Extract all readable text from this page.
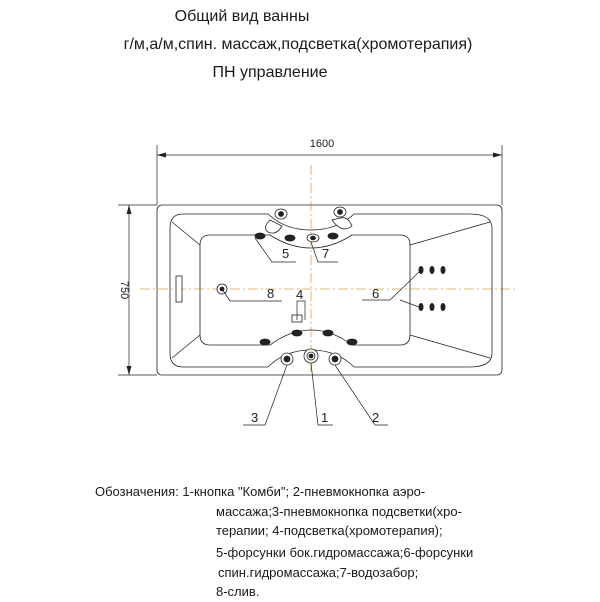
Общий вид ванны
г/м,а/м,спин. массаж,подсветка(хромотерапия)
ПН управление
1600
750
5	7
8 4	6
3	1	2
Обозначения: 1-кнопка "Комби"; 2-пневмокнопка аэро-
массажа;3-пневмокнопка подсветки(хро-
терапии; 4-подсветка(хромотерапия);
5-форсунки бок.гидромассажа;6-форсунки
спин.гидромассажа;7-водозабор;
8-слив.
